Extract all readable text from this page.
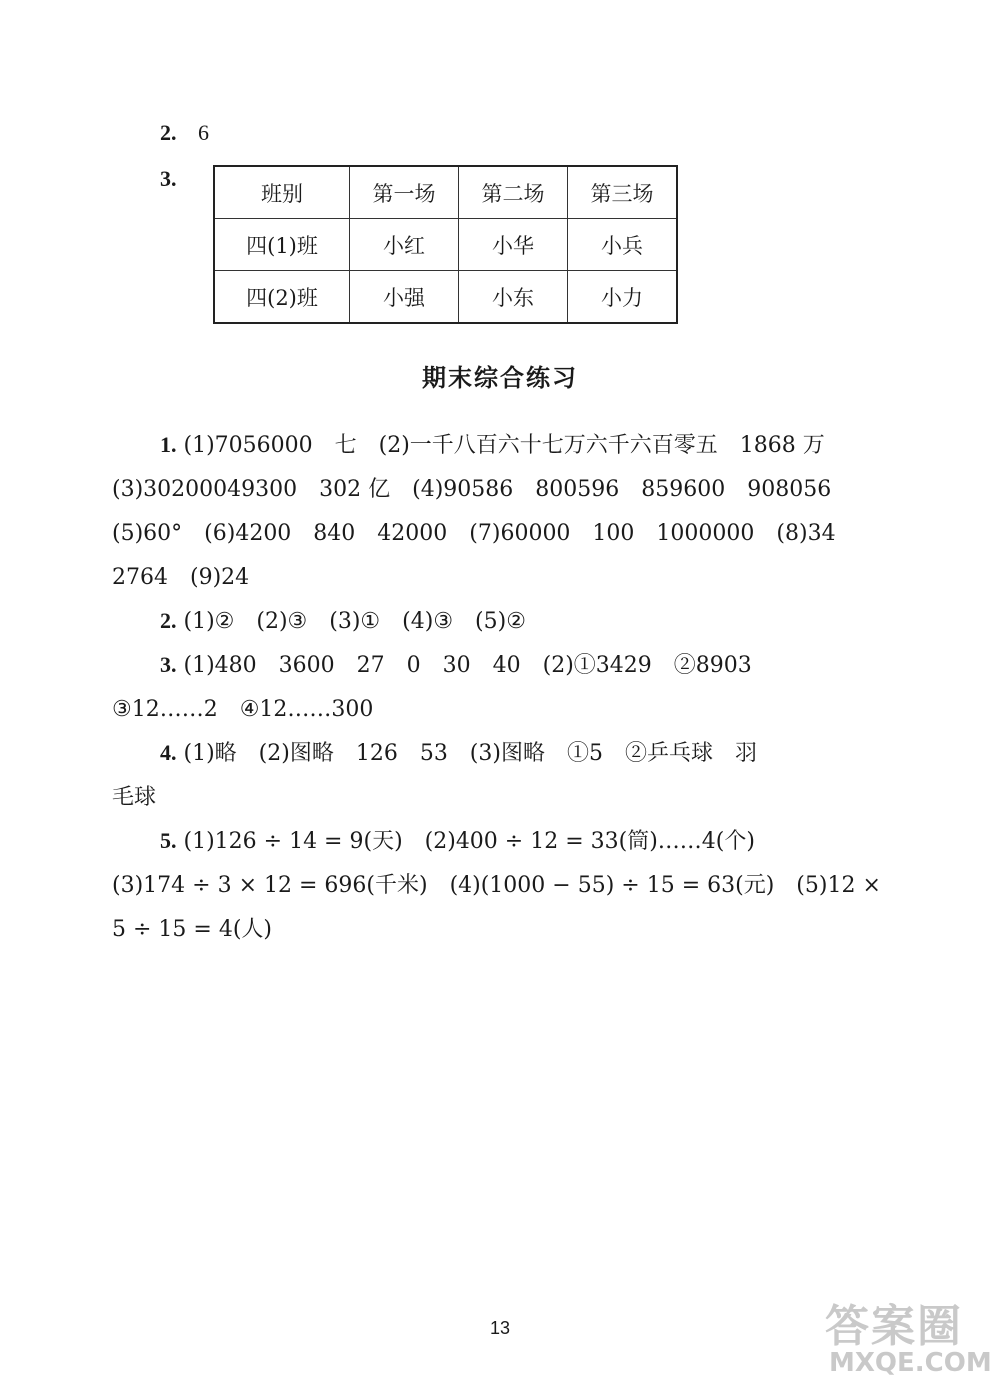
2. 6
3.
班别	第一场	第二场	第三场
四(1)班	小红	小华	小兵
四(2)班	小强	小东	小力
期末综合练习
1. (1)7056000　七　(2)一千八百六十七万六千六百零五　1868 万
(3)30200049300　302 亿　(4)90586　800596　859600　908056
(5)60°　(6)4200　840　42000　(7)60000　100　1000000　(8)34
2764　(9)24
2. (1)②　(2)③　(3)①　(4)③　(5)②
3. (1)480　3600　27　0　30　40　(2)①3429　②8903
③12……2　④12……300
4. (1)略　(2)图略　126　53　(3)图略　①5　②乒乓球　羽
毛球
5. (1)126 ÷ 14 = 9(天)　(2)400 ÷ 12 = 33(筒)……4(个)
(3)174 ÷ 3 × 12 = 696(千米)　(4)(1000 − 55) ÷ 15 = 63(元)　(5)12 ×
5 ÷ 15 = 4(人)
13	答案圈
MXQE.COM
